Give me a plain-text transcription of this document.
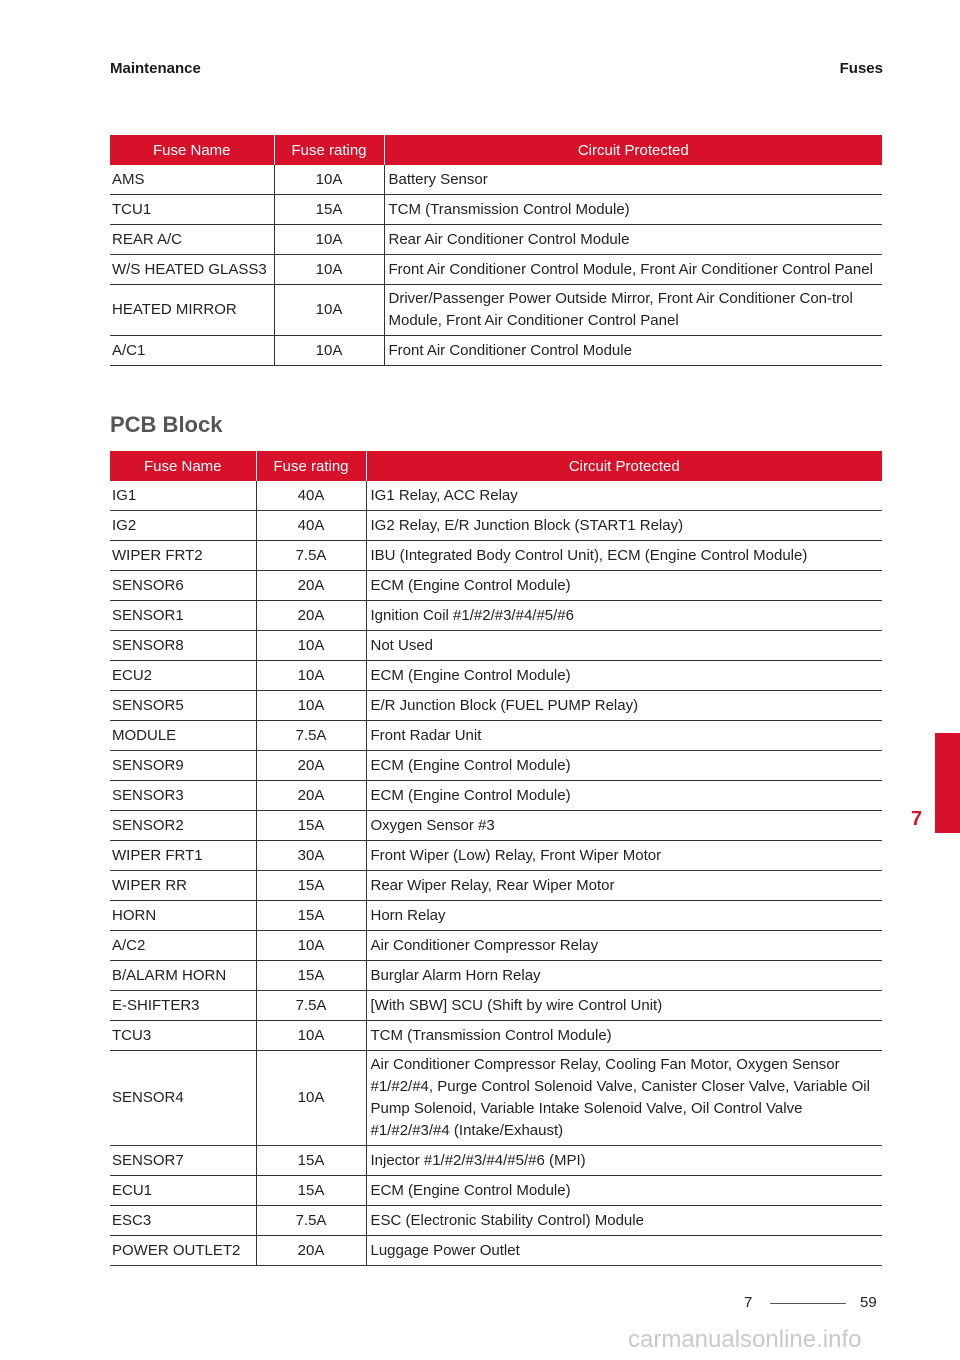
Maintenance	Fuses
Fuse Name	Fuse rating	Circuit Protected
AMS	10A	Battery Sensor
TCU1	15A	TCM (Transmission Control Module)
REAR A/C	10A	Rear Air Conditioner Control Module
W/S HEATED GLASS3	10A	Front Air Conditioner Control Module, Front Air Conditioner Control Panel
HEATED MIRROR	10A	Driver/Passenger Power Outside Mirror, Front Air Conditioner Con-trol Module, Front Air Conditioner Control Panel
A/C1	10A	Front Air Conditioner Control Module
PCB Block
Fuse Name	Fuse rating	Circuit Protected
IG1	40A	IG1 Relay, ACC Relay
IG2	40A	IG2 Relay, E/R Junction Block (START1 Relay)
WIPER FRT2	7.5A	IBU (Integrated Body Control Unit), ECM (Engine Control Module)
SENSOR6	20A	ECM (Engine Control Module)
SENSOR1	20A	Ignition Coil #1/#2/#3/#4/#5/#6
SENSOR8	10A	Not Used
ECU2	10A	ECM (Engine Control Module)
SENSOR5	10A	E/R Junction Block (FUEL PUMP Relay)
MODULE	7.5A	Front Radar Unit
SENSOR9	20A	ECM (Engine Control Module)
SENSOR3	20A	ECM (Engine Control Module)
SENSOR2	15A	Oxygen Sensor #3
WIPER FRT1	30A	Front Wiper (Low) Relay, Front Wiper Motor
WIPER RR	15A	Rear Wiper Relay, Rear Wiper Motor
HORN	15A	Horn Relay
A/C2	10A	Air Conditioner Compressor Relay
B/ALARM HORN	15A	Burglar Alarm Horn Relay
E-SHIFTER3	7.5A	[With SBW] SCU (Shift by wire Control Unit)
TCU3	10A	TCM (Transmission Control Module)
SENSOR4	10A	Air Conditioner Compressor Relay, Cooling Fan Motor, Oxygen Sensor #1/#2/#4, Purge Control Solenoid Valve, Canister Closer Valve, Variable Oil Pump Solenoid, Variable Intake Solenoid Valve, Oil Control Valve #1/#2/#3/#4 (Intake/Exhaust)
SENSOR7	15A	Injector #1/#2/#3/#4/#5/#6 (MPI)
ECU1	15A	ECM (Engine Control Module)
ESC3	7.5A	ESC (Electronic Stability Control) Module
POWER OUTLET2	20A	Luggage Power Outlet
7
7	59
carmanualsonline.info
